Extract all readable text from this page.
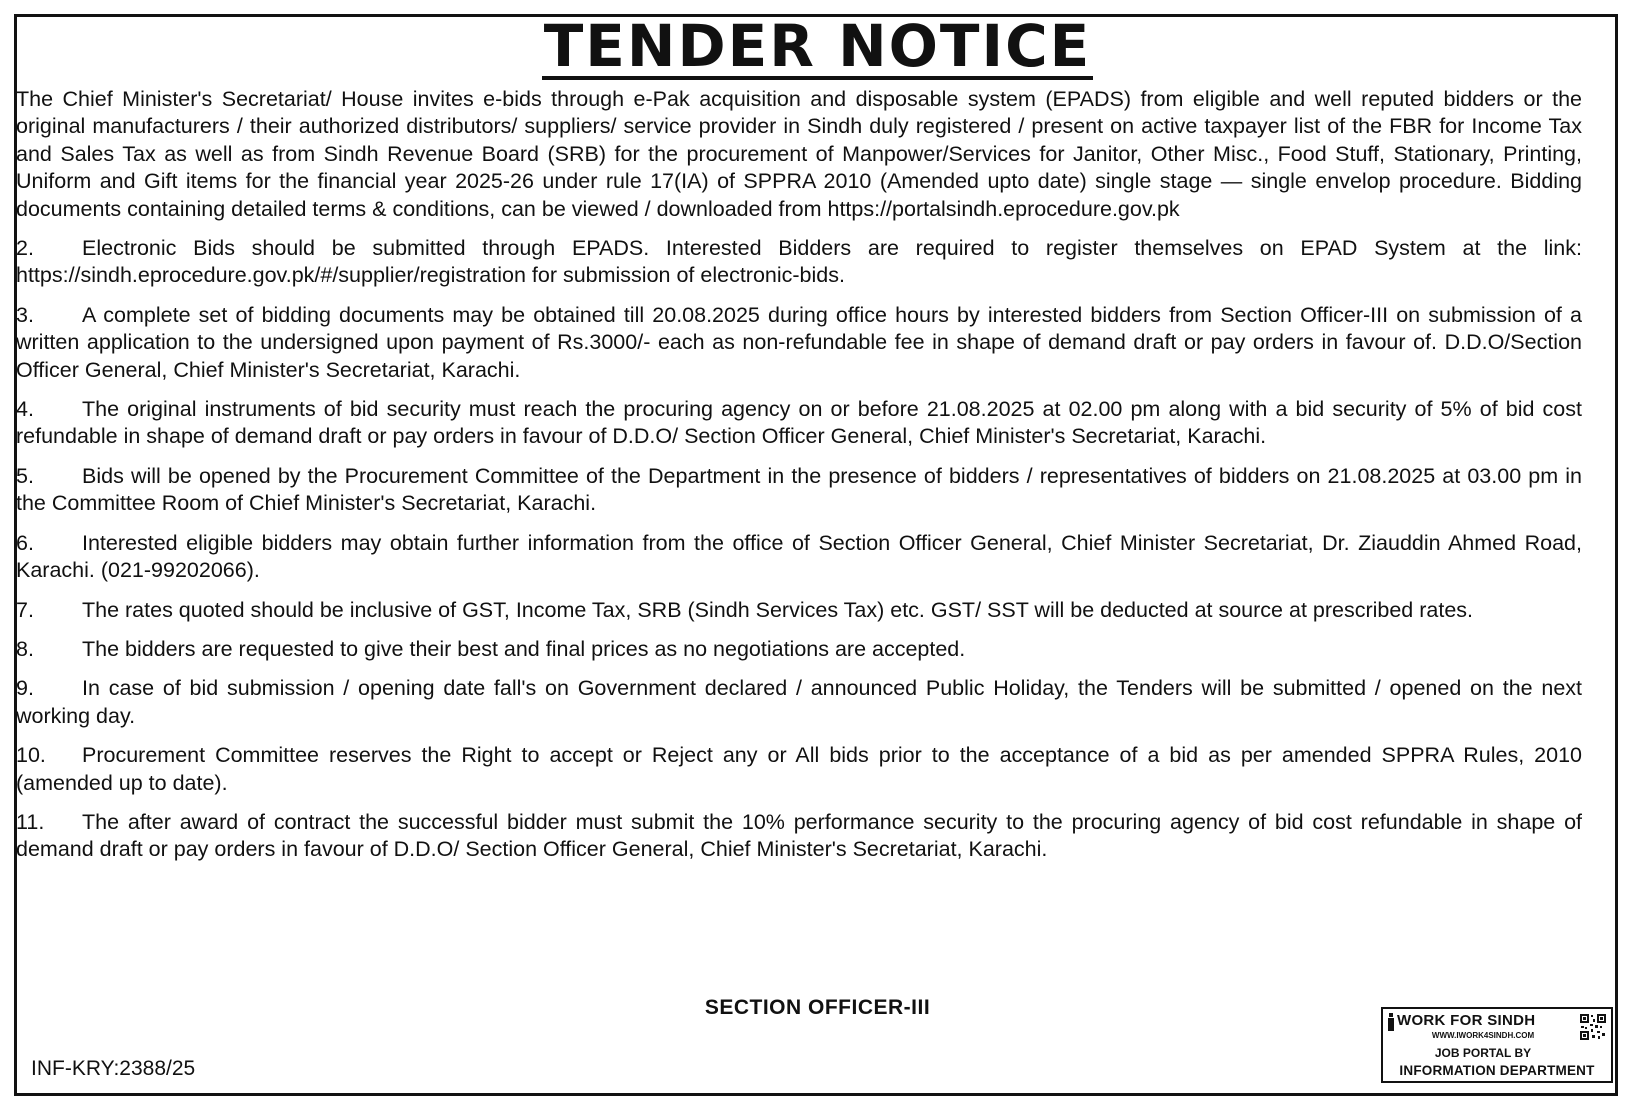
TENDER NOTICE

The Chief Minister's Secretariat/ House invites e-bids through e-Pak acquisition and disposable system (EPADS) from eligible and well reputed bidders or the original manufacturers / their authorized distributors/ suppliers/ service provider in Sindh duly registered / present on active taxpayer list of the FBR for Income Tax and Sales Tax as well as from Sindh Revenue Board (SRB) for the procurement of Manpower/Services for Janitor, Other Misc., Food Stuff, Stationary, Printing, Uniform and Gift items for the financial year 2025-26 under rule 17(IA) of SPPRA 2010 (Amended upto date) single stage — single envelop procedure. Bidding documents containing detailed terms & conditions, can be viewed / downloaded from https://portalsindh.eprocedure.gov.pk

2. Electronic Bids should be submitted through EPADS. Interested Bidders are required to register themselves on EPAD System at the link: https://sindh.eprocedure.gov.pk/#/supplier/registration for submission of electronic-bids.

3. A complete set of bidding documents may be obtained till 20.08.2025 during office hours by interested bidders from Section Officer-III on submission of a written application to the undersigned upon payment of Rs.3000/- each as non-refundable fee in shape of demand draft or pay orders in favour of. D.D.O/Section Officer General, Chief Minister's Secretariat, Karachi.

4. The original instruments of bid security must reach the procuring agency on or before 21.08.2025 at 02.00 pm along with a bid security of 5% of bid cost refundable in shape of demand draft or pay orders in favour of D.D.O/ Section Officer General, Chief Minister's Secretariat, Karachi.

5. Bids will be opened by the Procurement Committee of the Department in the presence of bidders / representatives of bidders on 21.08.2025 at 03.00 pm in the Committee Room of Chief Minister's Secretariat, Karachi.

6. Interested eligible bidders may obtain further information from the office of Section Officer General, Chief Minister Secretariat, Dr. Ziauddin Ahmed Road, Karachi. (021-99202066).

7. The rates quoted should be inclusive of GST, Income Tax, SRB (Sindh Services Tax) etc. GST/ SST will be deducted at source at prescribed rates.

8. The bidders are requested to give their best and final prices as no negotiations are accepted.

9. In case of bid submission / opening date fall's on Government declared / announced Public Holiday, the Tenders will be submitted / opened on the next working day.

10. Procurement Committee reserves the Right to accept or Reject any or All bids prior to the acceptance of a bid as per amended SPPRA Rules, 2010 (amended up to date).

11. The after award of contract the successful bidder must submit the 10% performance security to the procuring agency of bid cost refundable in shape of demand draft or pay orders in favour of D.D.O/ Section Officer General, Chief Minister's Secretariat, Karachi.

SECTION OFFICER-III
INF-KRY:2388/25
WORK FOR SINDH
WWW.IWORK4SINDH.COM
JOB PORTAL BY
INFORMATION DEPARTMENT
